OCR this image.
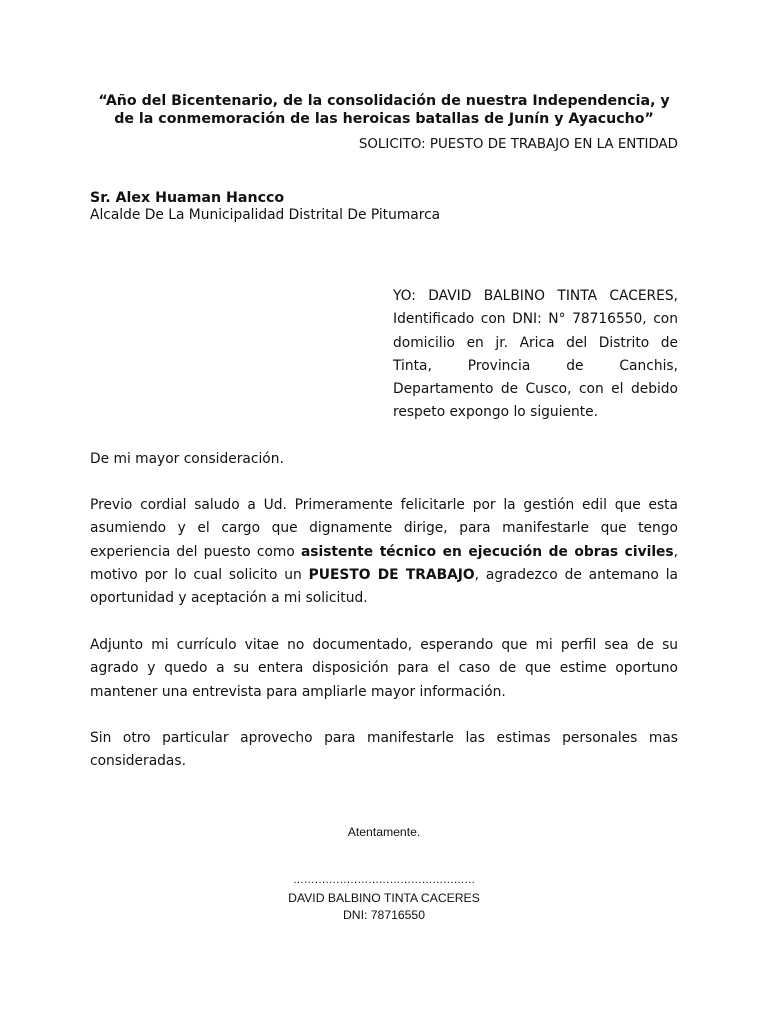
“Año del Bicentenario, de la consolidación de nuestra Independencia, y de la conmemoración de las heroicas batallas de Junín y Ayacucho”

SOLICITO: PUESTO DE TRABAJO EN LA ENTIDAD

Sr. Alex Huaman Hancco

Alcalde De La Municipalidad Distrital De Pitumarca

YO: DAVID BALBINO TINTA CACERES, Identificado con DNI: N° 78716550, con domicilio en jr. Arica del Distrito de Tinta, Provincia de Canchis, Departamento de Cusco, con el debido respeto expongo lo siguiente.

De mi mayor consideración.

Previo cordial saludo a Ud. Primeramente felicitarle por la gestión edil que esta asumiendo y el cargo que dignamente dirige, para manifestarle que tengo experiencia del puesto como asistente técnico en ejecución de obras civiles, motivo por lo cual solicito un PUESTO DE TRABAJO, agradezco de antemano la oportunidad y aceptación a mi solicitud.

Adjunto mi currículo vitae no documentado, esperando que mi perfil sea de su agrado y quedo a su entera disposición para el caso de que estime oportuno mantener una entrevista para ampliarle mayor información.

Sin otro particular aprovecho para manifestarle las estimas personales mas consideradas.

Atentamente.

……………………………………………

DAVID BALBINO TINTA CACERES

DNI: 78716550
